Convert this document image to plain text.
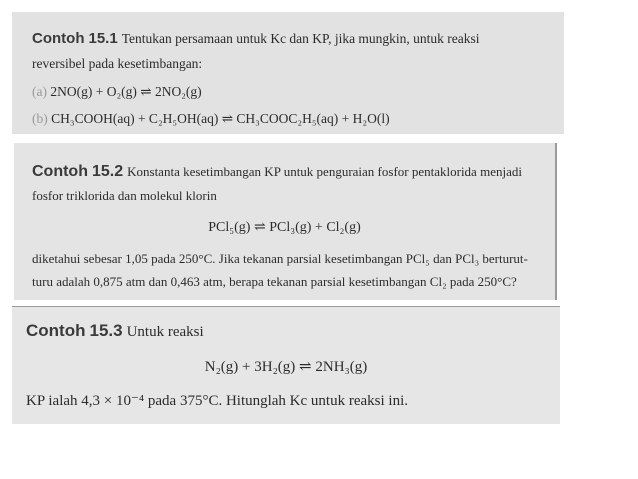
Contoh 15.1 Tentukan persamaan untuk Kc dan KP, jika mungkin, untuk reaksi
reversibel pada kesetimbangan:
(a) 2NO(g) + O₂(g) ⇌ 2NO₂(g)
(b) CH₃COOH(aq) + C₂H₅OH(aq) ⇌ CH₃COOC₂H₅(aq) + H₂O(l)
Contoh 15.2 Konstanta kesetimbangan KP untuk penguraian fosfor pentaklorida menjadi
fosfor triklorida dan molekul klorin
PCl₅(g) ⇌ PCl₃(g) + Cl₂(g)
diketahui sebesar 1,05 pada 250°C. Jika tekanan parsial kesetimbangan PCl₅ dan PCl₃ berturut-
turu adalah 0,875 atm dan 0,463 atm, berapa tekanan parsial kesetimbangan Cl₂ pada 250°C?
Contoh 15.3 Untuk reaksi
N₂(g) + 3H₂(g) ⇌ 2NH₃(g)
KP ialah 4,3 × 10⁻⁴ pada 375°C. Hitunglah Kc untuk reaksi ini.
